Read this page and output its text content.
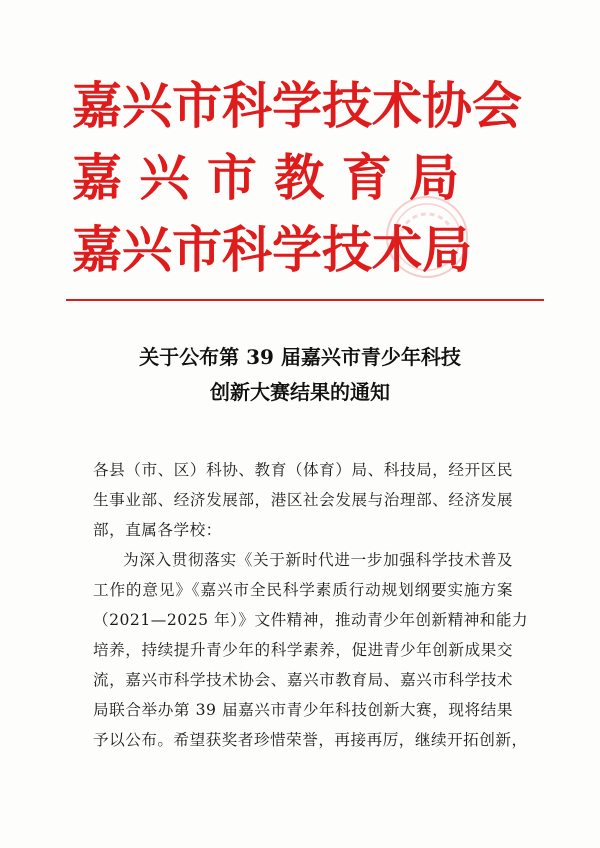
嘉兴市科学技术协会
嘉 兴 市 教 育 局
嘉兴市科学技术局
关于公布第 39 届嘉兴市青少年科技
创新大赛结果的通知
各县（市、区）科协、教育（体育）局、科技局，经开区民
生事业部、经济发展部，港区社会发展与治理部、经济发展
部，直属各学校：
为深入贯彻落实《关于新时代进一步加强科学技术普及
工作的意见》《嘉兴市全民科学素质行动规划纲要实施方案
（2021—2025 年）》文件精神，推动青少年创新精神和能力
培养，持续提升青少年的科学素养，促进青少年创新成果交
流，嘉兴市科学技术协会、嘉兴市教育局、嘉兴市科学技术
局联合举办第 39 届嘉兴市青少年科技创新大赛，现将结果
予以公布。希望获奖者珍惜荣誉，再接再厉，继续开拓创新，
